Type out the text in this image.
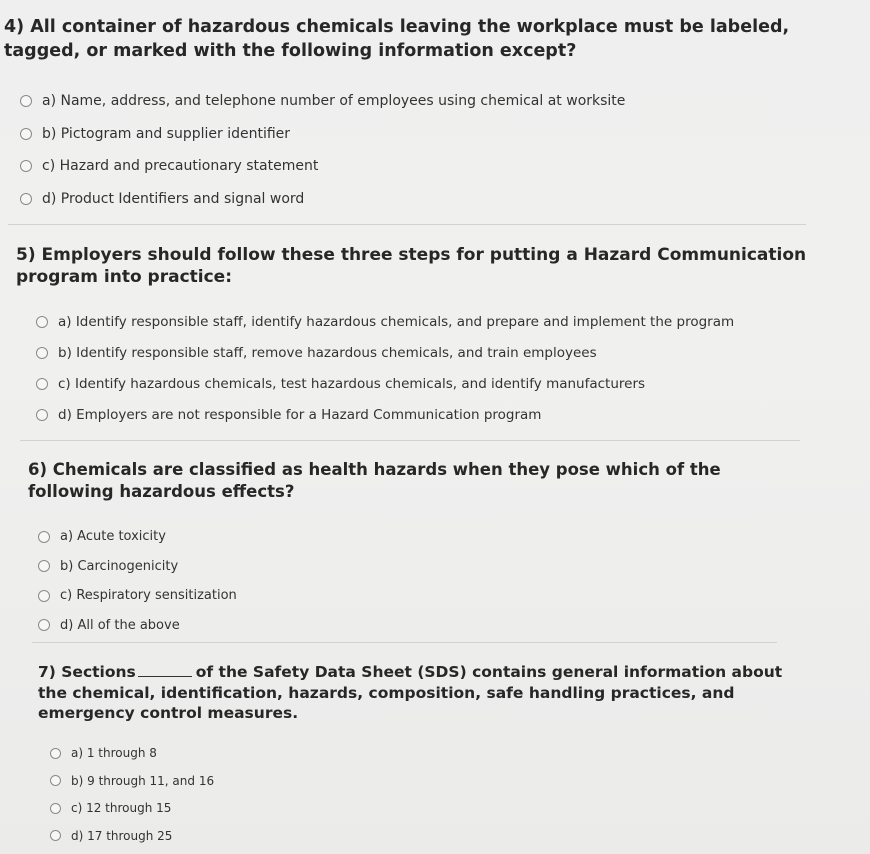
4) All container of hazardous chemicals leaving the workplace must be labeled, tagged, or marked with the following information except?

a) Name, address, and telephone number of employees using chemical at worksite
b) Pictogram and supplier identifier
c) Hazard and precautionary statement
d) Product Identifiers and signal word

5) Employers should follow these three steps for putting a Hazard Communication program into practice:

a) Identify responsible staff, identify hazardous chemicals, and prepare and implement the program
b) Identify responsible staff, remove hazardous chemicals, and train employees
c) Identify hazardous chemicals, test hazardous chemicals, and identify manufacturers
d) Employers are not responsible for a Hazard Communication program

6) Chemicals are classified as health hazards when they pose which of the following hazardous effects?

a) Acute toxicity
b) Carcinogenicity
c) Respiratory sensitization
d) All of the above

7) Sections	of the Safety Data Sheet (SDS) contains general information about the chemical, identification, hazards, composition, safe handling practices, and emergency control measures.

a) 1 through 8
b) 9 through 11, and 16
c) 12 through 15
d) 17 through 25
